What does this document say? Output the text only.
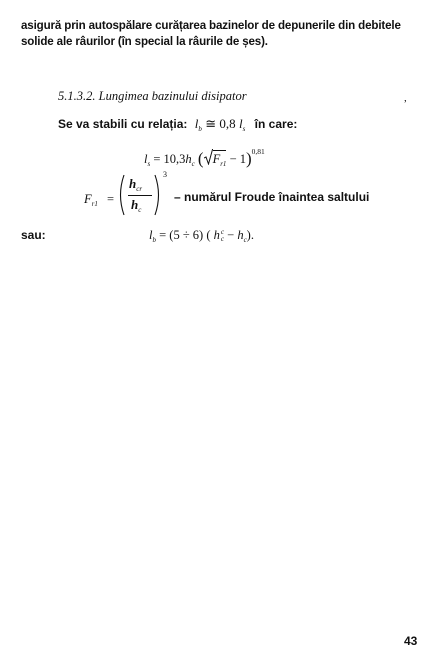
asigură prin autospălare curățarea bazinelor de depunerile din debitele
solide ale râurilor (în special la râurile de șes).
5.1.3.2. Lungimea bazinului disipator	,
Se va stabili cu relația: $l_b$ ≅ 0,8 $l_s$ în care:
$l_s = 10,3h_c$ ( $F_{r1} - 1)^{0,81}$
$F_{r1}$ =
$h_{cr}$
$h_c$
3
– numărul Froude înaintea saltului
sau:	$l_b = (5 \div 6)$ ( h c
$c - h_c$).
43
